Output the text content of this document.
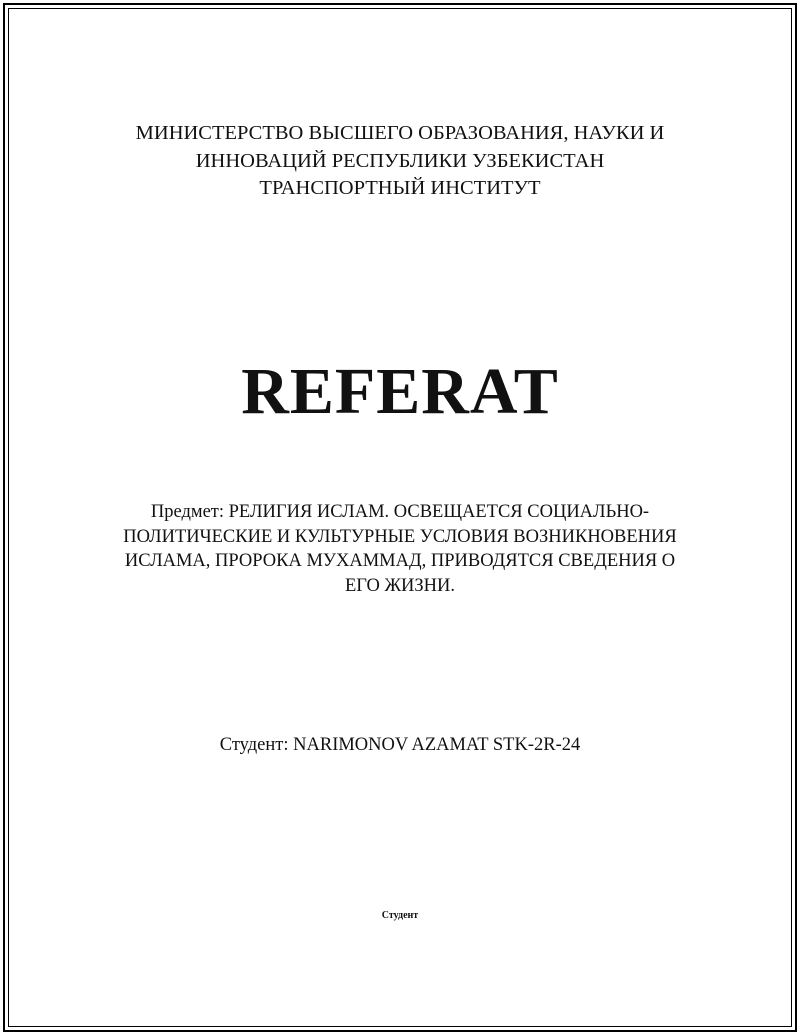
МИНИСТЕРСТВО ВЫСШЕГО ОБРАЗОВАНИЯ, НАУКИ И
ИННОВАЦИЙ РЕСПУБЛИКИ УЗБЕКИСТАН
ТРАНСПОРТНЫЙ ИНСТИТУТ
REFERAT
Предмет: РЕЛИГИЯ ИСЛАМ. ОСВЕЩАЕТСЯ СОЦИАЛЬНО-
ПОЛИТИЧЕСКИЕ И КУЛЬТУРНЫЕ УСЛОВИЯ ВОЗНИКНОВЕНИЯ
ИСЛАМА, ПРОРОКА МУХАММАД, ПРИВОДЯТСЯ СВЕДЕНИЯ О
ЕГО ЖИЗНИ.
Студент: NARIMONOV AZAMAT STK-2R-24
Студент
